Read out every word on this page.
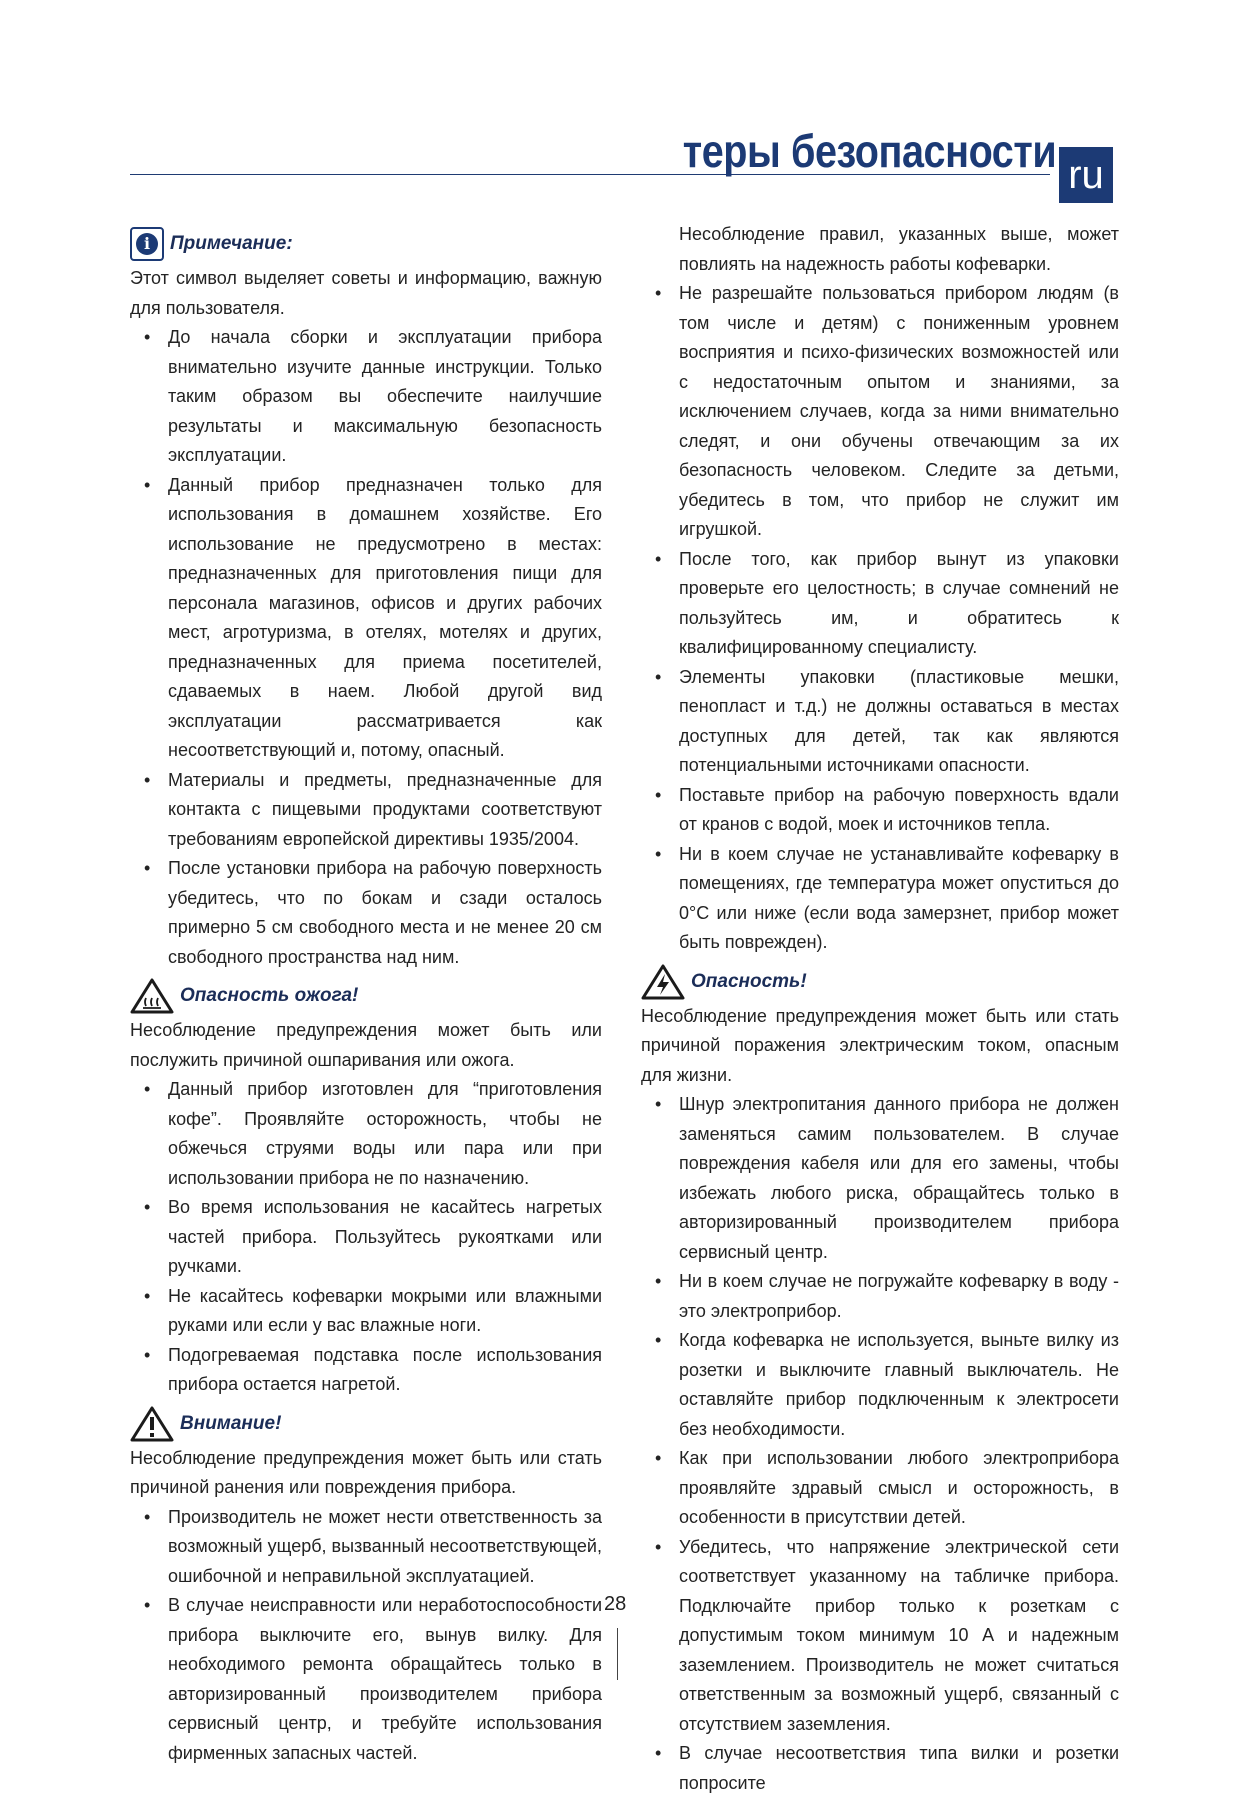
теры безопасности ru
i	Примечание:

Этот символ выделяет советы и информацию, важную для пользователя.

• До начала сборки и эксплуатации прибора внимательно изучите данные инструкции. Только таким образом вы обеспечите наилучшие результаты и максимальную безопасность эксплуатации.

• Данный прибор предназначен только для использования в домашнем хозяйстве. Его использование не предусмотрено в местах: предназначенных для приготовления пищи для персонала магазинов, офисов и других рабочих мест, агротуризма, в отелях, мотелях и других, предназначенных для приема посетителей, сдаваемых в наем. Любой другой вид эксплуатации рассматривается как несоответствующий и, потому, опасный.

• Материалы и предметы, предназначенные для контакта с пищевыми продуктами соответствуют требованиям европейской директивы 1935/2004.

• После установки прибора на рабочую поверхность убедитесь, что по бокам и сзади осталось примерно 5 см свободного места и не менее 20 см свободного пространства над ним.

Опасность ожога!

Несоблюдение предупреждения может быть или послужить причиной ошпаривания или ожога.

• Данный прибор изготовлен для “приготовления кофе”. Проявляйте осторожность, чтобы не обжечься струями воды или пара или при использовании прибора не по назначению.

• Во время использования не касайтесь нагретых частей прибора. Пользуйтесь рукоятками или ручками.

• Не касайтесь кофеварки мокрыми или влажными руками или если у вас влажные ноги.

• Подогреваемая подставка после использования прибора остается нагретой.

Внимание!

Несоблюдение предупреждения может быть или стать причиной ранения или повреждения прибора.

• Производитель не может нести ответственность за возможный ущерб, вызванный несоответствующей, ошибочной и неправильной эксплуатацией.

• В случае неисправности или неработоспособности прибора выключите его, вынув вилку. Для необходимого ремонта обращайтесь только в авторизированный производителем прибора сервисный центр, и требуйте использования фирменных запасных частей.

Несоблюдение правил, указанных выше, может повлиять на надежность работы кофеварки.

• Не разрешайте пользоваться прибором людям (в том числе и детям) с пониженным уровнем восприятия и психо-физических возможностей или с недостаточным опытом и знаниями, за исключением случаев, когда за ними внимательно следят, и они обучены отвечающим за их безопасность человеком. Следите за детьми, убедитесь в том, что прибор не служит им игрушкой.

• После того, как прибор вынут из упаковки проверьте его целостность; в случае сомнений не пользуйтесь им, и обратитесь к квалифицированному специалисту.

• Элементы упаковки (пластиковые мешки, пенопласт и т.д.) не должны оставаться в местах доступных для детей, так как являются потенциальными источниками опасности.

• Поставьте прибор на рабочую поверхность вдали от кранов с водой, моек и источников тепла.

• Ни в коем случае не устанавливайте кофеварку в помещениях, где температура может опуститься до 0°C или ниже (если вода замерзнет, прибор может быть поврежден).

Опасность!

Несоблюдение предупреждения может быть или стать причиной поражения электрическим током, опасным для жизни.

• Шнур электропитания данного прибора не должен заменяться самим пользователем. В случае повреждения кабеля или для его замены, чтобы избежать любого риска, обращайтесь только в авторизированный производителем прибора сервисный центр.

• Ни в коем случае не погружайте кофеварку в воду - это электроприбор.

• Когда кофеварка не используется, выньте вилку из розетки и выключите главный выключатель. Не оставляйте прибор подключенным к электросети без необходимости.

• Как при использовании любого электроприбора проявляйте здравый смысл и осторожность, в особенности в присутствии детей.

• Убедитесь, что напряжение электрической сети соответствует указанному на табличке прибора. Подключайте прибор только к розеткам с допустимым током минимум 10 А и надежным заземлением. Производитель не может считаться ответственным за возможный ущерб, связанный с отсутствием заземления.

• В случае несоответствия типа вилки и розетки попросите

28
